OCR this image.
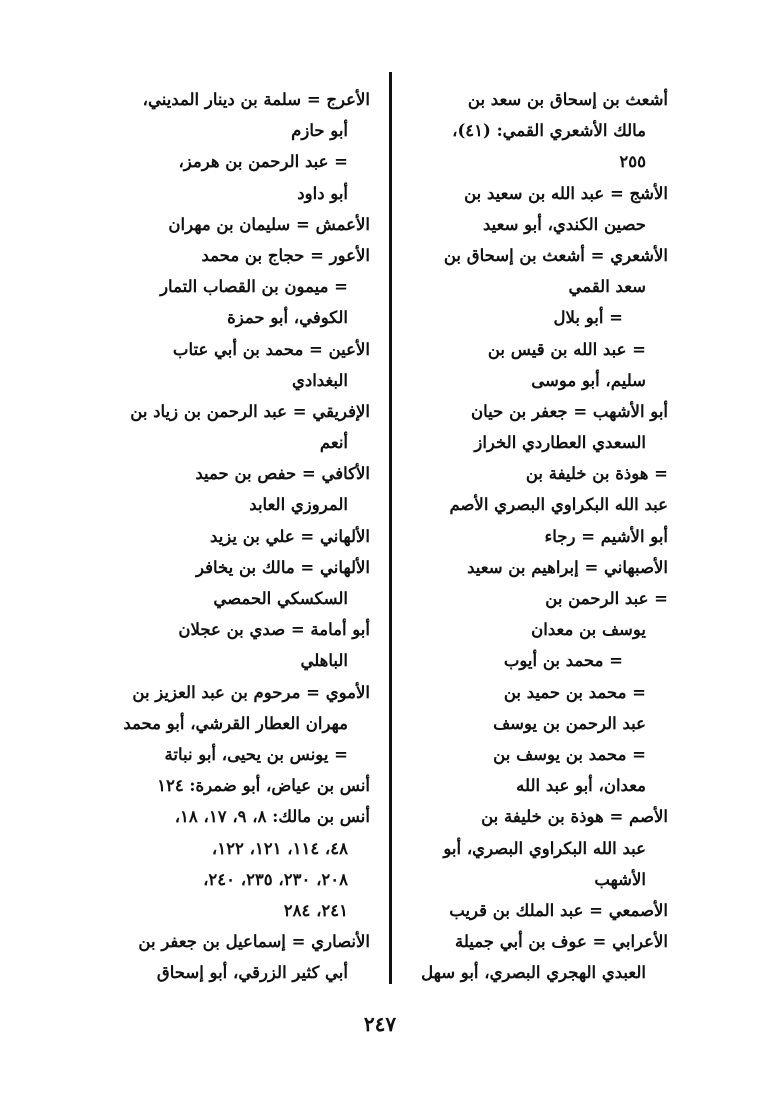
أشعث بن إسحاق بن سعد بن
مالك الأشعري القمي: (٤١)،
٢٥٥
الأشج = عبد الله بن سعيد بن
حصين الكندي، أبو سعيد
الأشعري = أشعث بن إسحاق بن
سعد القمي
= أبو بلال
= عبد الله بن قيس بن
سليم، أبو موسى
أبو الأشهب = جعفر بن حيان
السعدي العطاردي الخراز
= هوذة بن خليفة بن
عبد الله البكراوي البصري الأصم
أبو الأشيم = رجاء
الأصبهاني = إبراهيم بن سعيد
= عبد الرحمن بن
يوسف بن معدان
= محمد بن أيوب
= محمد بن حميد بن
عبد الرحمن بن يوسف
= محمد بن يوسف بن
معدان، أبو عبد الله
الأصم = هوذة بن خليفة بن
عبد الله البكراوي البصري، أبو
الأشهب
الأصمعي = عبد الملك بن قريب
الأعرابي = عوف بن أبي جميلة
العبدي الهجري البصري، أبو سهل
الأعرج = سلمة بن دينار المديني،
أبو حازم
= عبد الرحمن بن هرمز،
أبو داود
الأعمش = سليمان بن مهران
الأعور = حجاج بن محمد
= ميمون بن القصاب التمار
الكوفي، أبو حمزة
الأعين = محمد بن أبي عتاب
البغدادي
الإفريقي = عبد الرحمن بن زياد بن
أنعم
الأكافي = حفص بن حميد
المروزي العابد
الألهاني = علي بن يزيد
الألهاني = مالك بن يخافر
السكسكي الحمصي
أبو أمامة = صدي بن عجلان
الباهلي
الأموي = مرحوم بن عبد العزيز بن
مهران العطار القرشي، أبو محمد
= يونس بن يحيى، أبو نباتة
أنس بن عياض، أبو ضمرة: ١٢٤
أنس بن مالك: ٨، ٩، ١٧، ١٨،
٤٨، ١١٤، ١٢١، ١٢٢،
٢٠٨، ٢٣٠، ٢٣٥، ٢٤٠،
٢٤١، ٢٨٤
الأنصاري = إسماعيل بن جعفر بن
أبي كثير الزرقي، أبو إسحاق
٢٤٧
